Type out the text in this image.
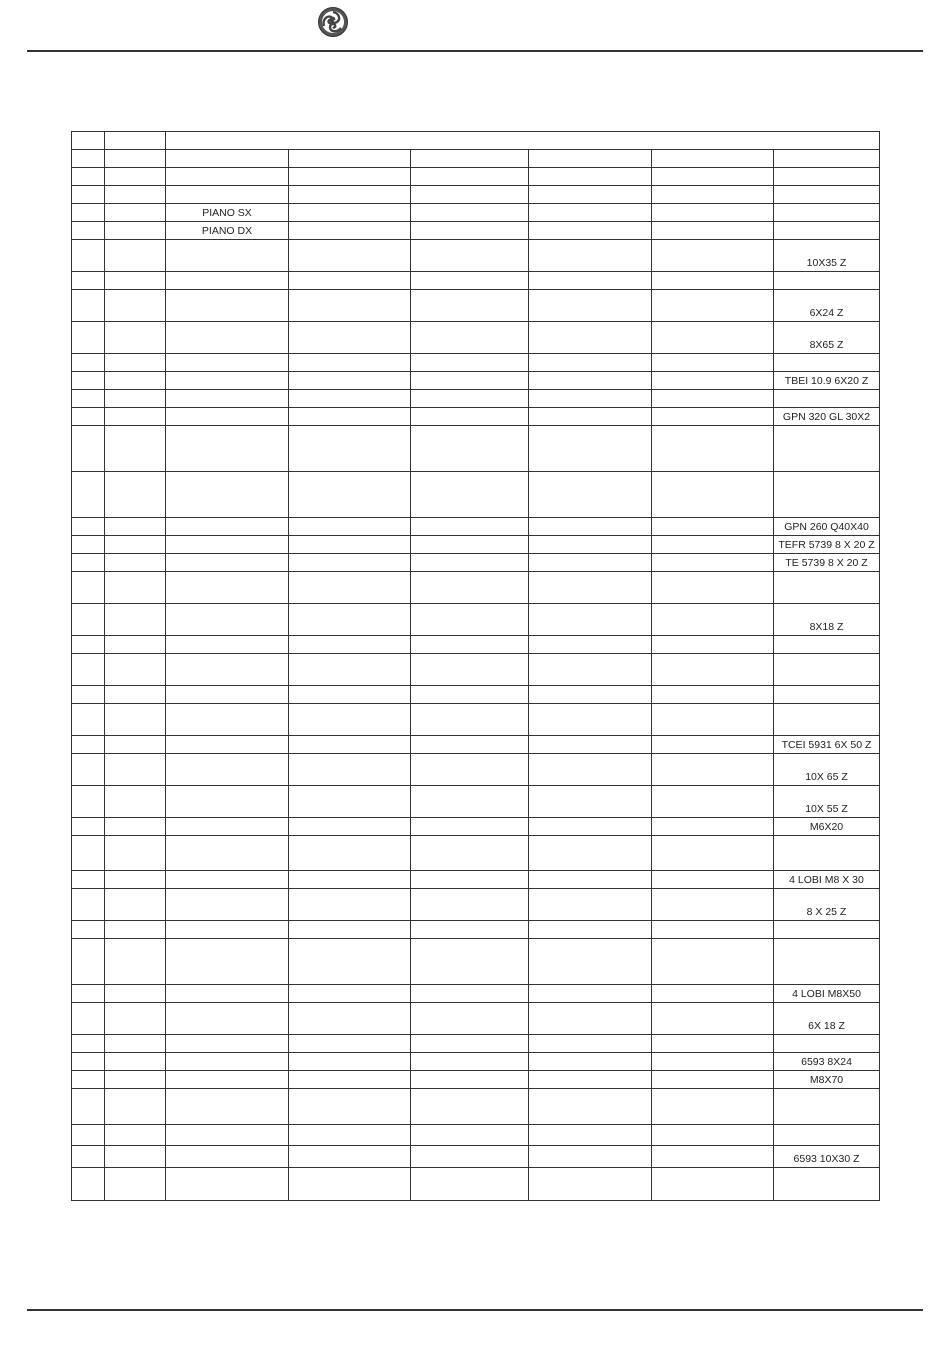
		PIANO SX					
		PIANO DX					
							10X35 Z

							6X24 Z
							8X65 Z

							TBEI 10.9 6X20 Z

							GPN 320 GL 30X2

							GPN 260 Q40X40
							TEFR 5739 8 X 20 Z
							TE 5739 8 X 20 Z

							8X18 Z

							TCEI 5931 6X 50 Z
							10X 65 Z
							10X 55 Z
							M6X20

							4 LOBI M8 X 30
							8 X 25 Z

							4 LOBI M8X50
							6X 18 Z

							6593 8X24
							M8X70

							6593 10X30 Z
